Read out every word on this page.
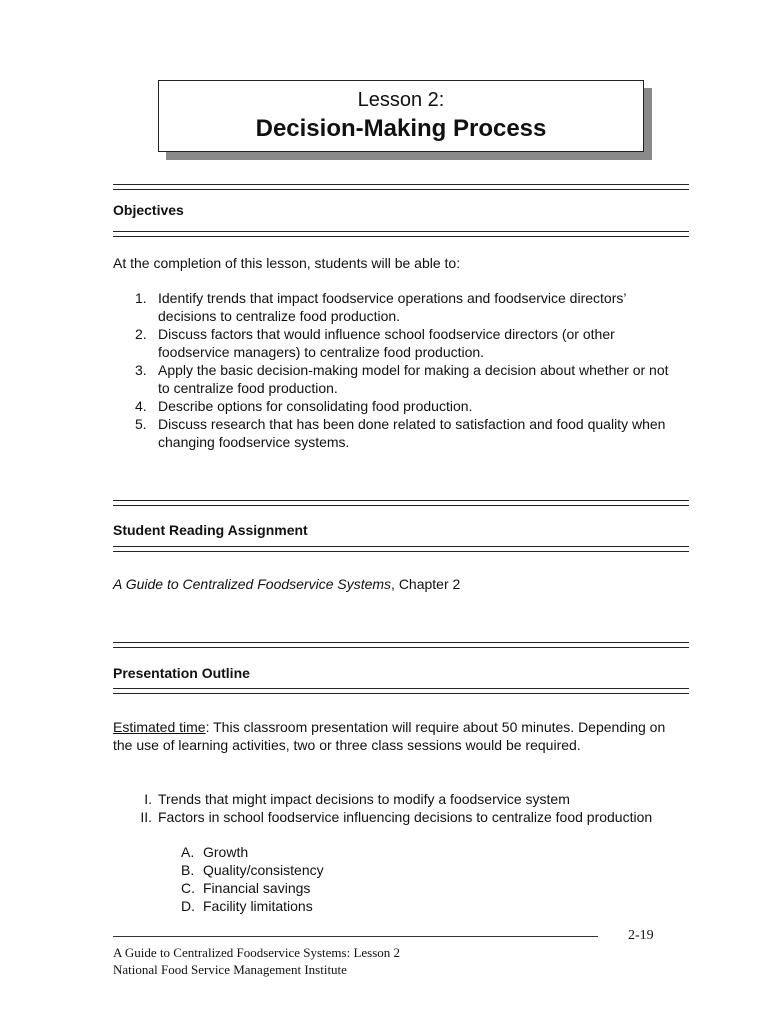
Lesson 2:
Decision-Making Process
Objectives
At the completion of this lesson, students will be able to:
1. Identify trends that impact foodservice operations and foodservice directors’ decisions to centralize food production.
2. Discuss factors that would influence school foodservice directors (or other foodservice managers) to centralize food production.
3. Apply the basic decision-making model for making a decision about whether or not to centralize food production.
4. Describe options for consolidating food production.
5. Discuss research that has been done related to satisfaction and food quality when changing foodservice systems.
Student Reading Assignment
A Guide to Centralized Foodservice Systems, Chapter 2
Presentation Outline
Estimated time: This classroom presentation will require about 50 minutes. Depending on the use of learning activities, two or three class sessions would be required.
I. Trends that might impact decisions to modify a foodservice system
II. Factors in school foodservice influencing decisions to centralize food production
A. Growth
B. Quality/consistency
C. Financial savings
D. Facility limitations
2-19
A Guide to Centralized Foodservice Systems: Lesson 2
National Food Service Management Institute
